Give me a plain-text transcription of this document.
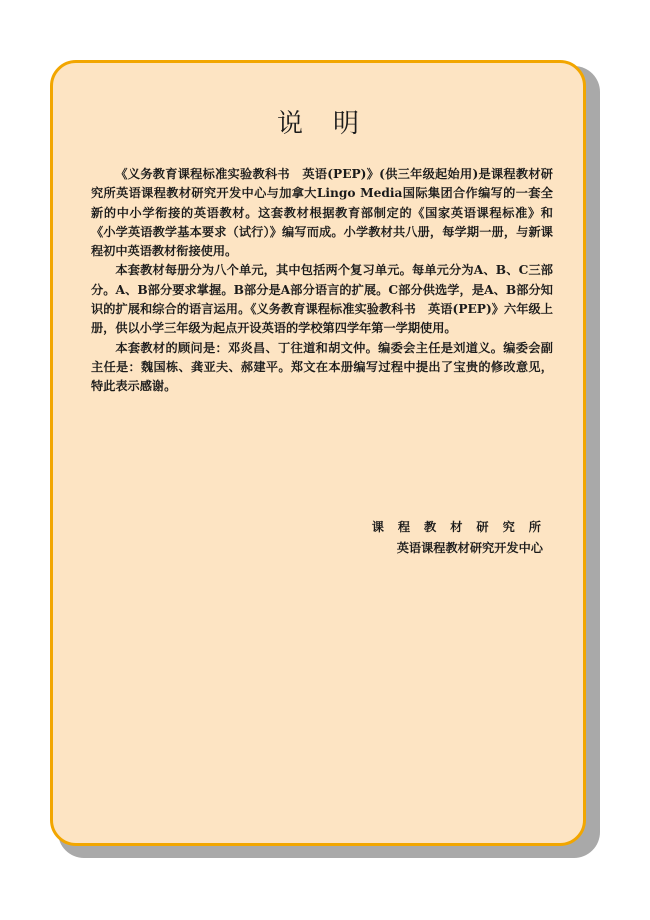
说明

《义务教育课程标准实验教科书　英语(PEP)》(供三年级起始用)是课程教材研究所英语课程教材研究开发中心与加拿大Lingo Media国际集团合作编写的一套全新的中小学衔接的英语教材。这套教材根据教育部制定的《国家英语课程标准》和《小学英语教学基本要求（试行）》编写而成。小学教材共八册，每学期一册，与新课程初中英语教材衔接使用。

本套教材每册分为八个单元，其中包括两个复习单元。每单元分为A、B、C三部分。A、B部分要求掌握。B部分是A部分语言的扩展。C部分供选学，是A、B部分知识的扩展和综合的语言运用。《义务教育课程标准实验教科书　英语(PEP)》六年级上册，供以小学三年级为起点开设英语的学校第四学年第一学期使用。

本套教材的顾问是：邓炎昌、丁往道和胡文仲。编委会主任是刘道义。编委会副主任是：魏国栋、龚亚夫、郝建平。郑文在本册编写过程中提出了宝贵的修改意见，特此表示感谢。

课程教材研究所
英语课程教材研究开发中心
